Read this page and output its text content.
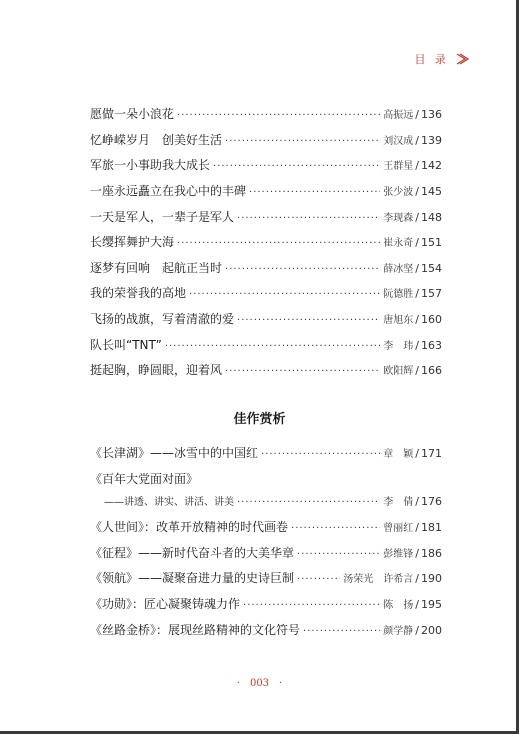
目 录
愿做一朵小浪花 ·····	高振远 / 136
忆峥嵘岁月　创美好生活 ·····	刘汉成 / 139
军旅一小事助我大成长 ·····	王群星 / 142
一座永远矗立在我心中的丰碑 ·····	张少波 / 145
一天是军人，一辈子是军人 ·····	李现森 / 148
长缨挥舞护大海 ·····	崔永奇 / 151
逐梦有回响　起航正当时 ·····	薛冰坚 / 154
我的荣誉我的高地 ·····	阮德胜 / 157
飞扬的战旗，写着清澈的爱 ·····	唐旭东 / 160
队长叫“TNT” ·····	李　玮 / 163
挺起胸，睁圆眼，迎着风 ·····	欧阳辉 / 166
《长津湖》——冰雪中的中国红 ·····	章　颖 / 171
《百年大党面对面》
——讲透、讲实、讲活、讲美 ·····	李　倩 / 176
《人世间》：改革开放精神的时代画卷 ·····	曾丽红 / 181
《征程》——新时代奋斗者的大美华章 ·····	彭维锋 / 186
《领航》——凝聚奋进力量的史诗巨制 ·····	汤荣光　许希言 / 190
《功勋》：匠心凝聚铸魂力作 ·····	陈　扬 / 195
《丝路金桥》：展现丝路精神的文化符号 ·····	颜学静 / 200
佳作赏析
· 003 ·
